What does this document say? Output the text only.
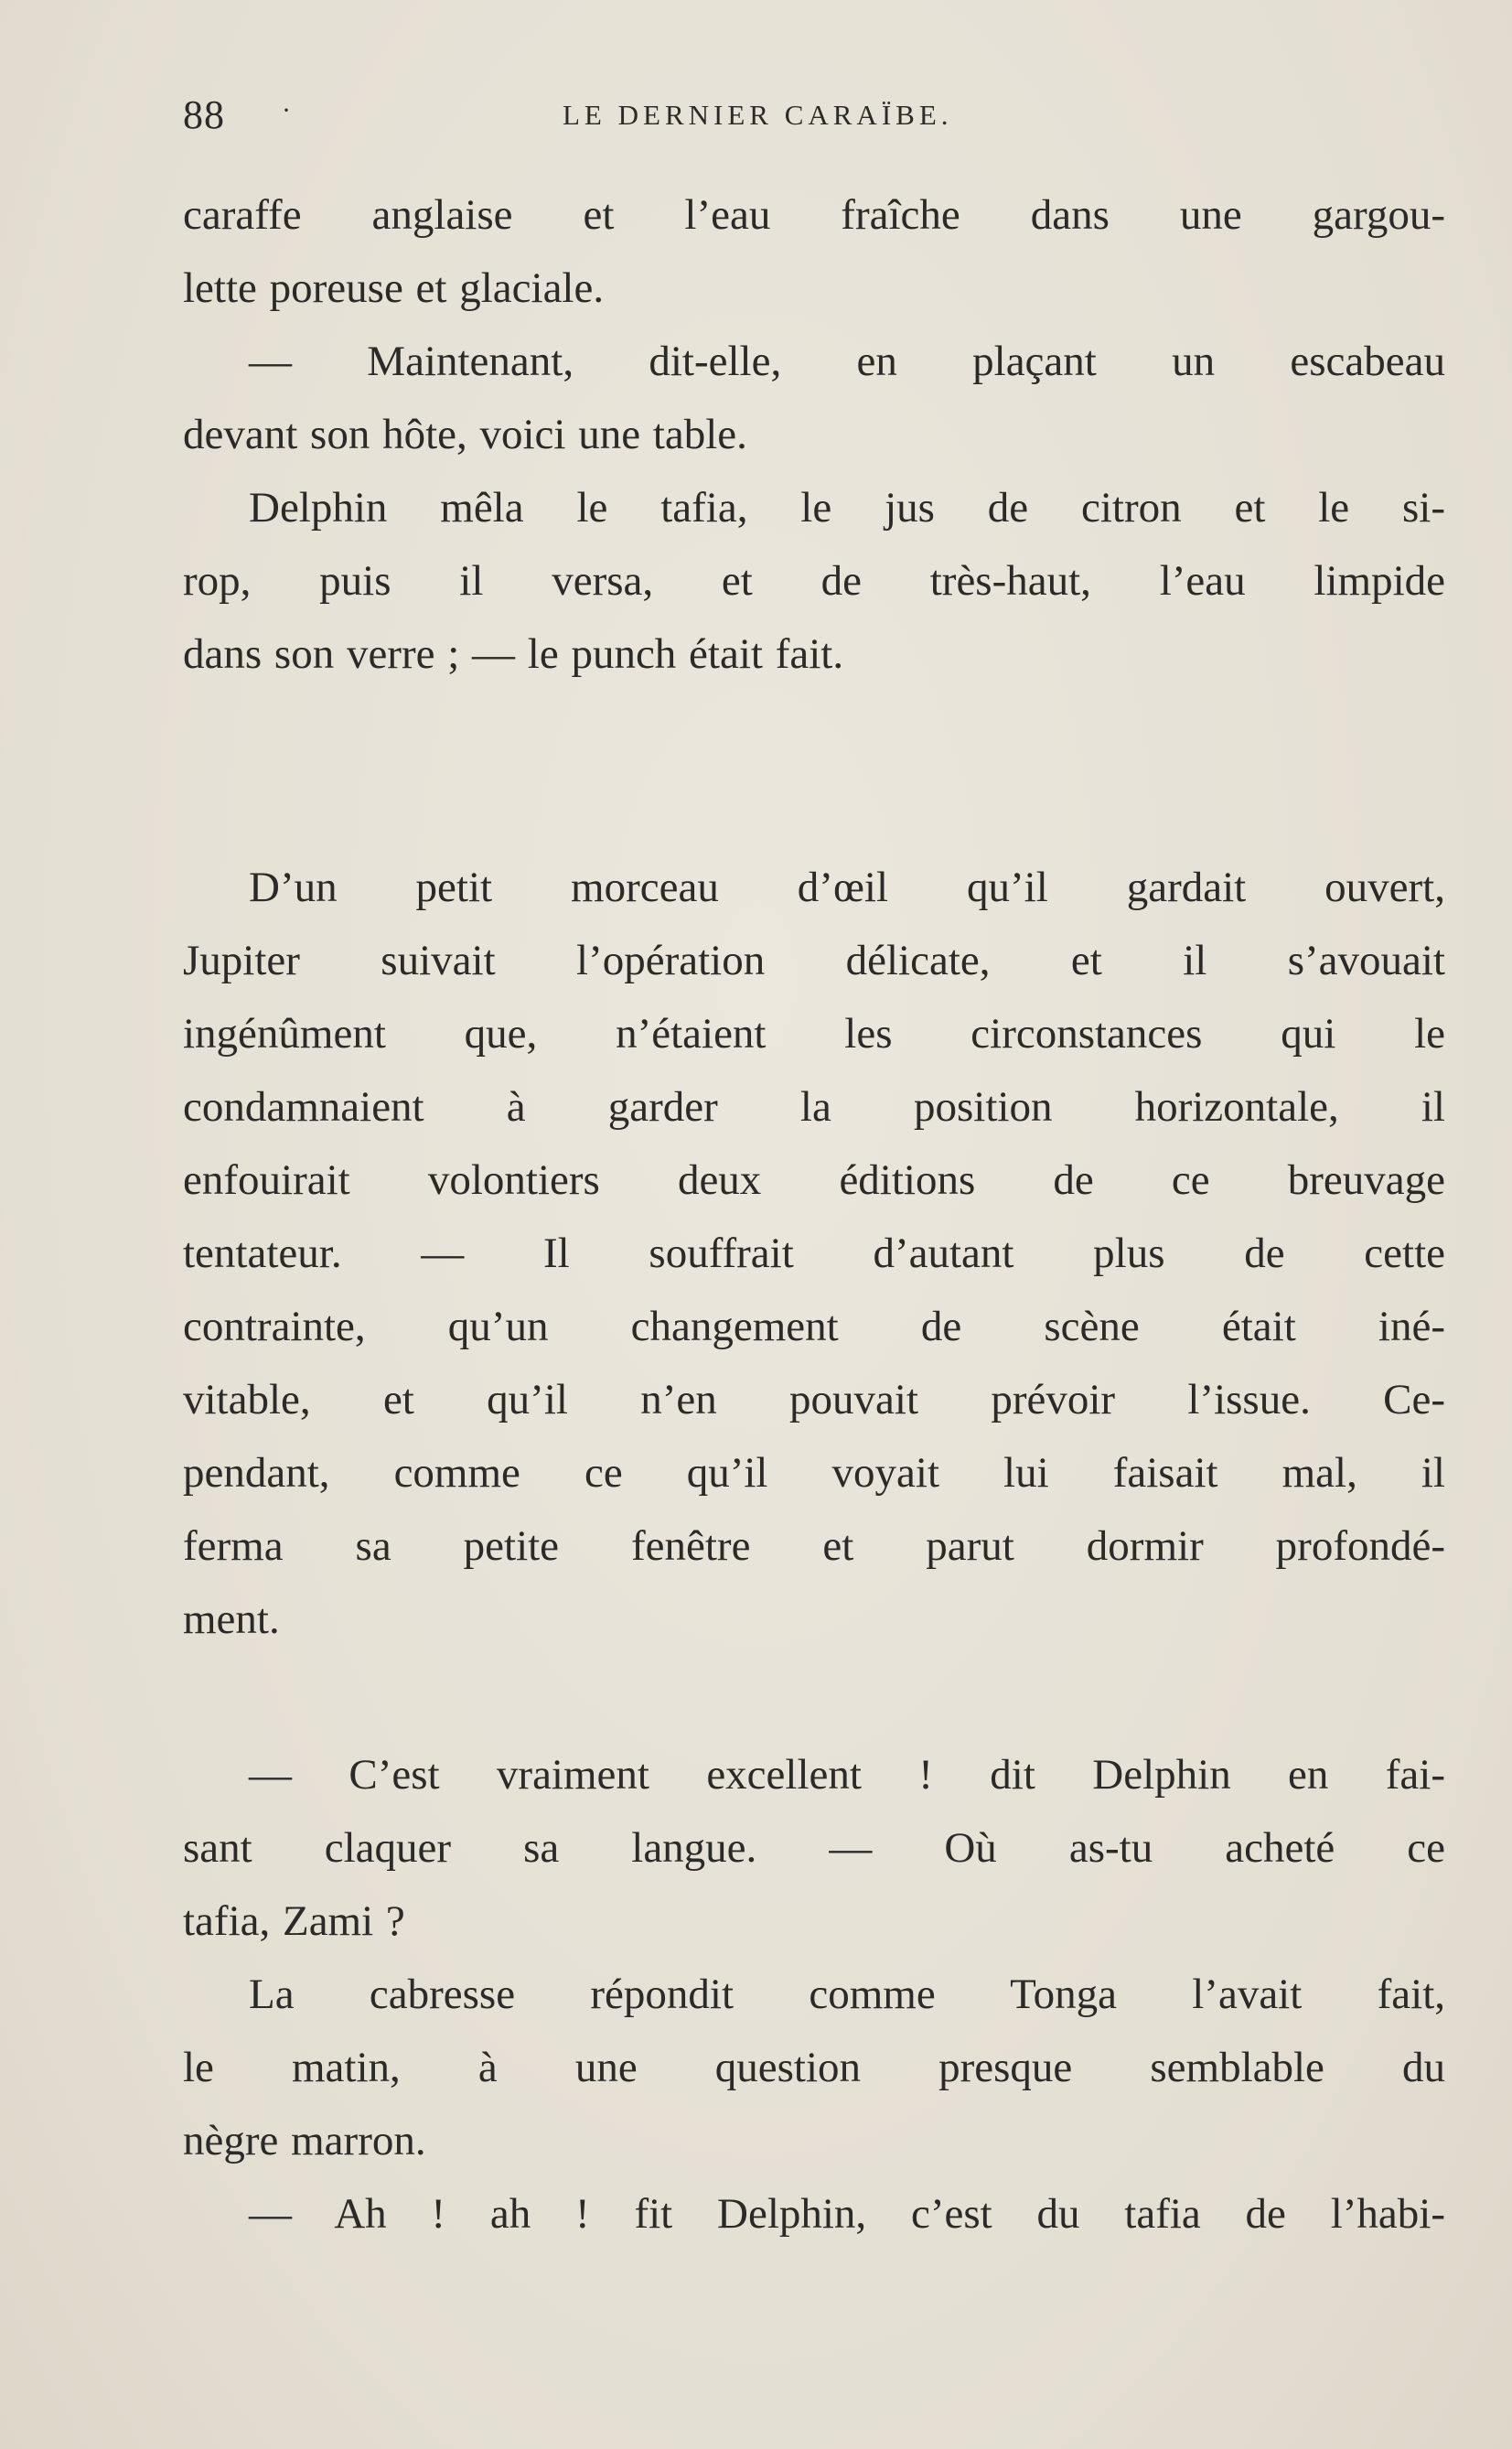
88 ·	LE DERNIER CARAÏBE.
caraffe anglaise et l’eau fraîche dans une gargou-
lette poreuse et glaciale.
— Maintenant, dit-elle, en plaçant un escabeau
devant son hôte, voici une table.
Delphin mêla le tafia, le jus de citron et le si-
rop, puis il versa, et de très-haut, l’eau limpide
dans son verre ; — le punch était fait.
D’un petit morceau d’œil qu’il gardait ouvert,
Jupiter suivait l’opération délicate, et il s’avouait
ingénûment que, n’étaient les circonstances qui le
condamnaient à garder la position horizontale, il
enfouirait volontiers deux éditions de ce breuvage
tentateur. — Il souffrait d’autant plus de cette
contrainte, qu’un changement de scène était iné-
vitable, et qu’il n’en pouvait prévoir l’issue. Ce-
pendant, comme ce qu’il voyait lui faisait mal, il
ferma sa petite fenêtre et parut dormir profondé-
ment.
— C’est vraiment excellent ! dit Delphin en fai-
sant claquer sa langue. — Où as-tu acheté ce
tafia, Zami ?
La cabresse répondit comme Tonga l’avait fait,
le matin, à une question presque semblable du
nègre marron.
— Ah ! ah ! fit Delphin, c’est du tafia de l’habi-
